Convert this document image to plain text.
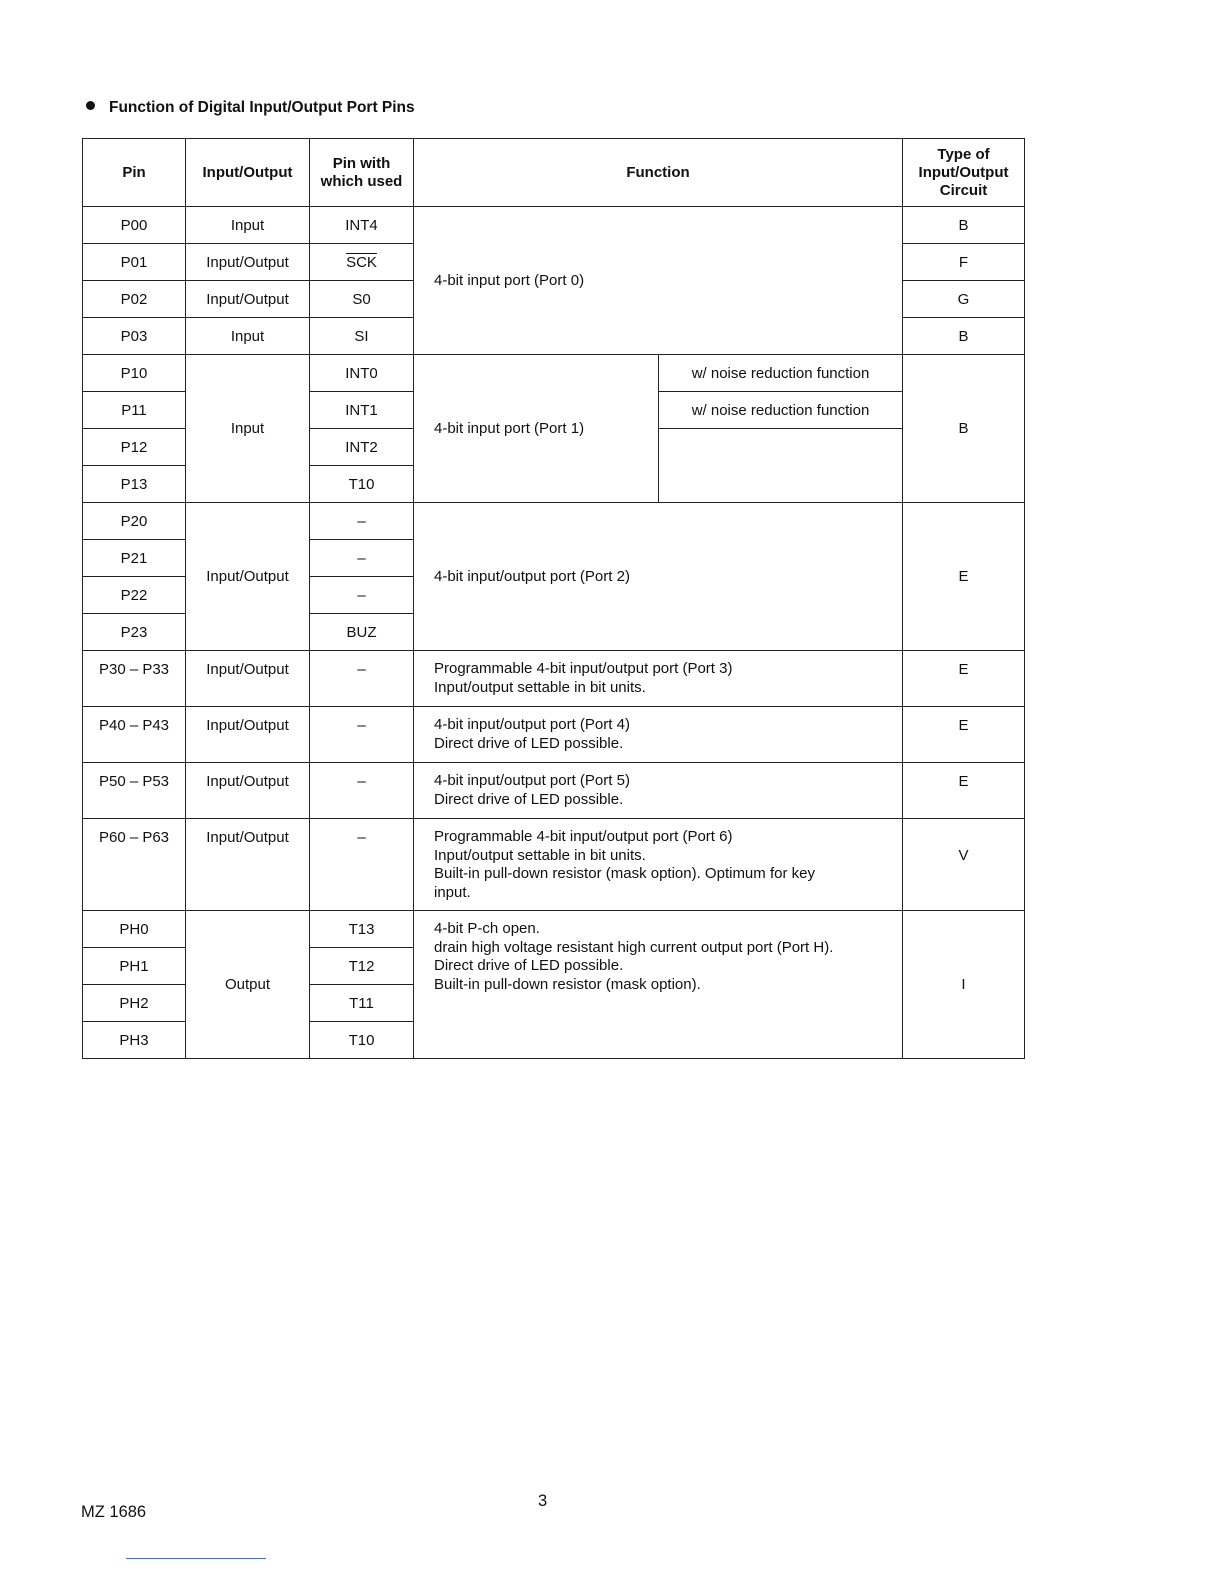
Function of Digital Input/Output Port Pins
Pin	Input/Output	Pin with which used	Function		Type of Input/Output Circuit
P00	Input	INT4	4-bit input port (Port 0)		B
P01	Input/Output	$\overline{SCK}$			F
P02	Input/Output	S0			G
P03	Input	SI			B
P10	Input	INT0	4-bit input port (Port 1)	w/ noise reduction function	B
P11		INT1		w/ noise reduction function	
P12		INT2			
P13		T10			
P20	Input/Output	–	4-bit input/output port (Port 2)		E
P21		–			
P22		–			
P23		BUZ			
P30 – P33	Input/Output	–	Programmable 4-bit input/output port (Port 3)
Input/output settable in bit units.		E
P40 – P43	Input/Output	–	4-bit input/output port (Port 4)
Direct drive of LED possible.		E
P50 – P53	Input/Output	–	4-bit input/output port (Port 5)
Direct drive of LED possible.		E
P60 – P63	Input/Output	–	Programmable 4-bit input/output port (Port 6)
Input/output settable in bit units.
Built-in pull-down resistor (mask option). Optimum for key
input.		V
PH0	Output	T13	4-bit P-ch open.
drain high voltage resistant high current output port (Port H).
Direct drive of LED possible.
Built-in pull-down resistor (mask option).		I
PH1		T12			
PH2		T11			
PH3		T10			
3
MZ 1686
